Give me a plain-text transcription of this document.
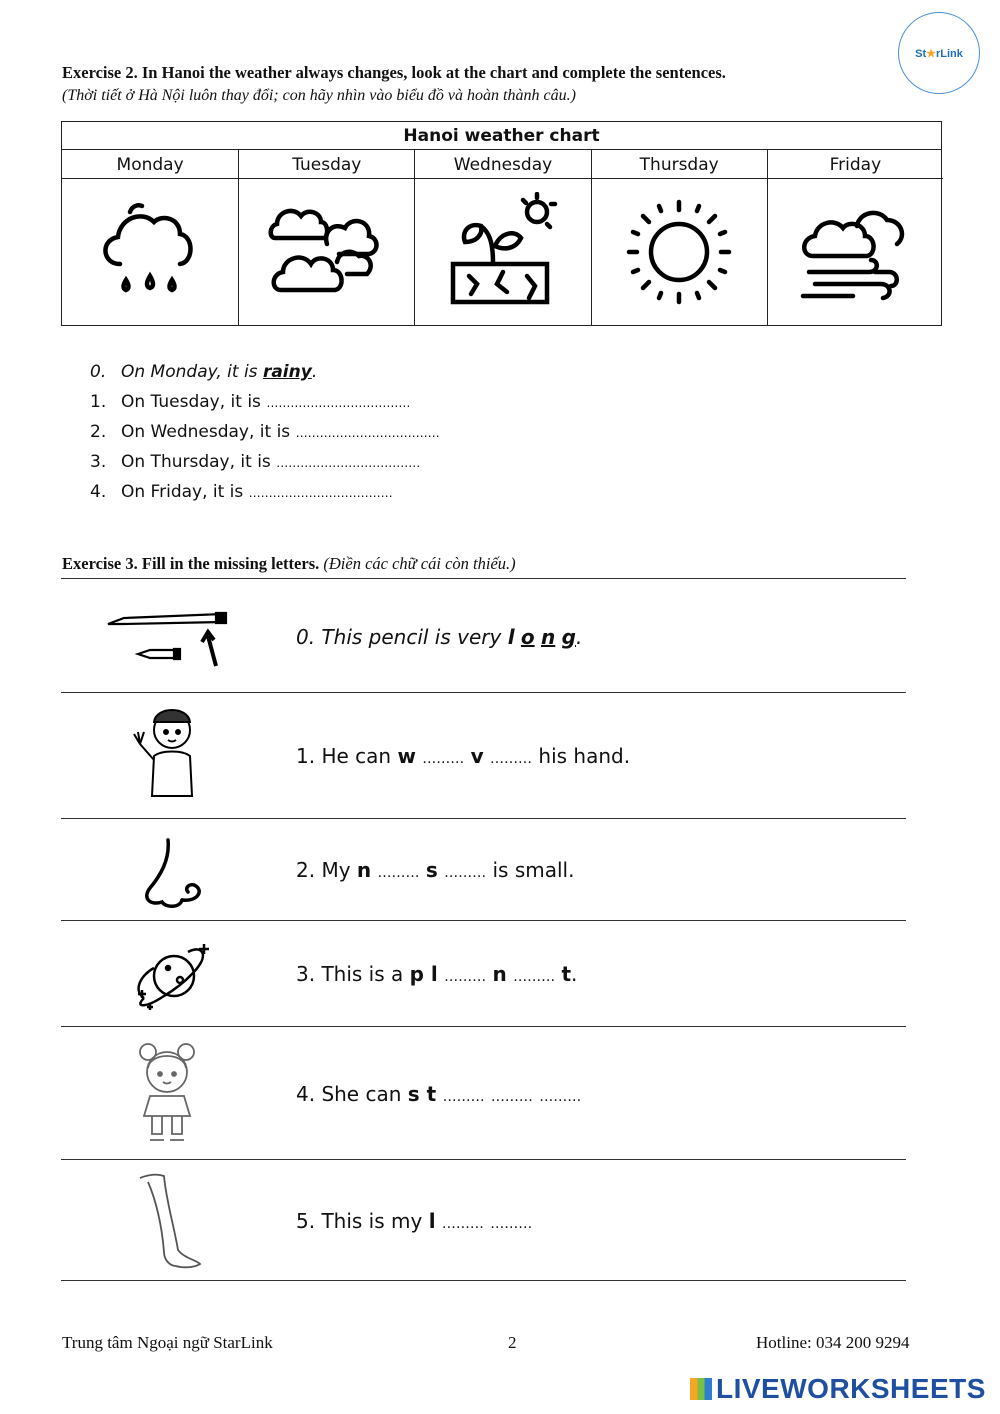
St★rLink
Exercise 2. In Hanoi the weather always changes, look at the chart and complete the sentences.
(Thời tiết ở Hà Nội luôn thay đổi; con hãy nhìn vào biểu đồ và hoàn thành câu.)
Hanoi weather chart
Monday	Tuesday	Wednesday	Thursday	Friday
0. On Monday, it is rainy.
1. On Tuesday, it is ………………………………
2. On Wednesday, it is ………………………………
3. On Thursday, it is ………………………………
4. On Friday, it is ………………………………
Exercise 3. Fill in the missing letters. (Điền các chữ cái còn thiếu.)
0. This pencil is very l o n g.
1. He can w ……… v ……… his hand.
2. My n ……… s ……… is small.
3. This is a p l ……… n ……… t.
4. She can s t ……… ……… ………
5. This is my l ……… ………
Trung tâm Ngoại ngữ StarLink	2	Hotline: 034 200 9294
LIVEWORKSHEETS
